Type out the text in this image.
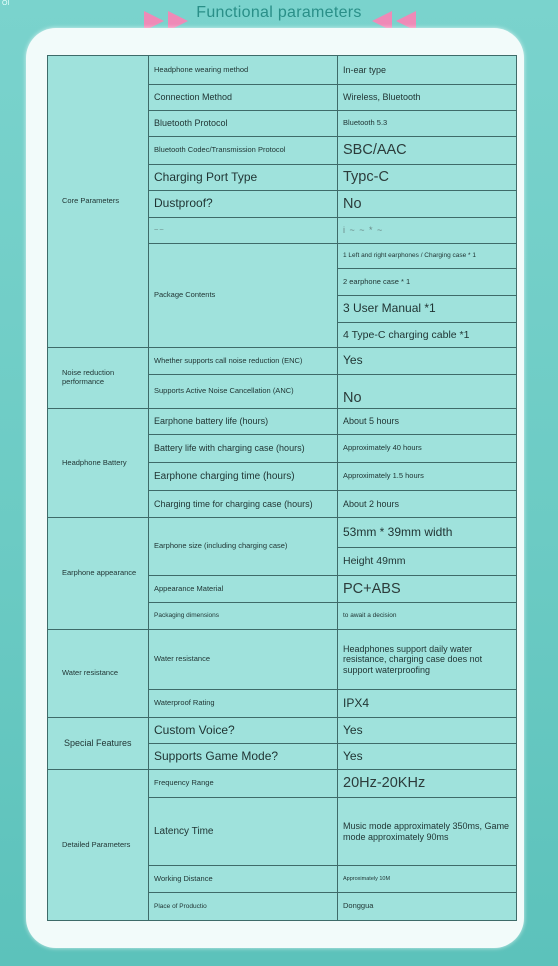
OI
Functional parameters
Core Parameters	Headphone wearing method	In-ear type
	Connection Method	Wireless, Bluetooth
	Bluetooth Protocol	Bluetooth 5.3
	Bluetooth Codec/Transmission Protocol	SBC/AAC
	Charging Port Type	Typc-C
	Dustproof?	No
	~~	i ~ ~ * ~
	Package Contents	1 Left and right earphones / Charging case * 1
		2 earphone case * 1
		3 User Manual *1
		4 Type-C charging cable *1
Noise reduction performance	Whether supports call noise reduction (ENC)	Yes
	Supports Active Noise Cancellation (ANC)	No
Headphone Battery	Earphone battery life (hours)	About 5 hours
	Battery life with charging case (hours)	Approximately 40 hours
	Earphone charging time (hours)	Approximately 1.5 hours
	Charging time for charging case (hours)	About 2 hours
Earphone appearance	Earphone size (including charging case)	53mm * 39mm width
		Height 49mm
	Appearance Material	PC+ABS
	Packaging dimensions	to await a decision
Water resistance	Water resistance	Headphones support daily water resistance, charging case does not support waterproofing
	Waterproof Rating	IPX4
Special Features	Custom Voice?	Yes
	Supports Game Mode?	Yes
Detailed Parameters	Frequency Range	20Hz-20KHz
	Latency Time	Music mode approximately 350ms, Game mode approximately 90ms
	Working Distance	Approximately 10M
	Place of Productio	Donggua
